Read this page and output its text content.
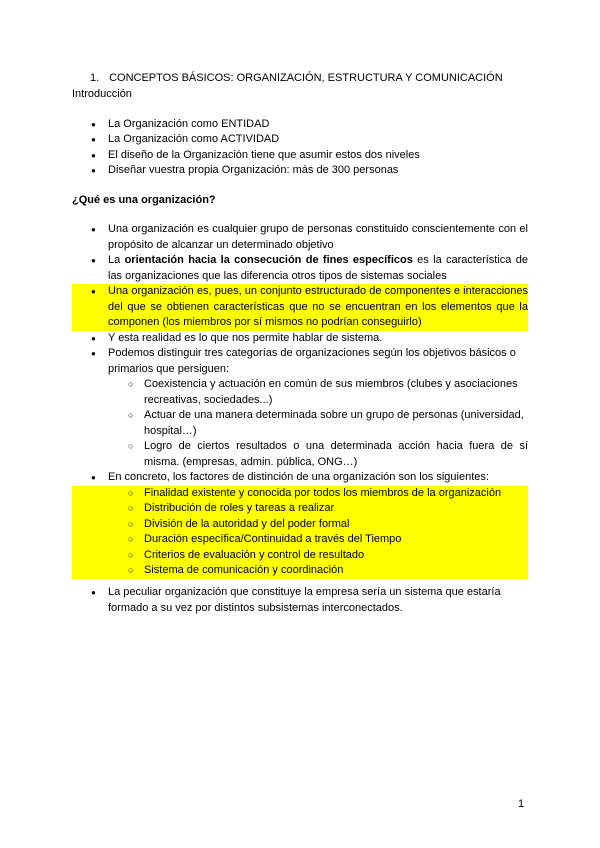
1. CONCEPTOS BÁSICOS: ORGANIZACIÓN, ESTRUCTURA Y COMUNICACIÓN
Introducción
● La Organización como ENTIDAD
● La Organización como ACTIVIDAD
● El diseño de la Organización tiene que asumir estos dos niveles
● Diseñar vuestra propia Organización: más de 300 personas
¿Qué es una organización?
● Una organización es cualquier grupo de personas constituido conscientemente con el propósito de alcanzar un determinado objetivo
● La orientación hacia la consecución de fines específicos es la característica de las organizaciones que las diferencia otros tipos de sistemas sociales
● Una organización es, pues, un conjunto estructurado de componentes e interacciones del que se obtienen características que no se encuentran en los elementos que la componen (los miembros por sí mismos no podrían conseguirlo)
● Y esta realidad es lo que nos permite hablar de sistema.
● Podemos distinguir tres categorías de organizaciones según los objetivos básicos o primarios que persiguen:
○ Coexistencia y actuación en común de sus miembros (clubes y asociaciones recreativas, sociedades...)
○ Actuar de una manera determinada sobre un grupo de personas (universidad, hospital…)
○ Logro de ciertos resultados o una determinada acción hacia fuera de sí misma. (empresas, admin. pública, ONG…)
● En concreto, los factores de distinción de una organización son los siguientes:
○ Finalidad existente y conocida por todos los miembros de la organización
○ Distribución de roles y tareas a realizar
○ División de la autoridad y del poder formal
○ Duración específica/Continuidad a través del Tiempo
○ Criterios de evaluación y control de resultado
○ Sistema de comunicación y coordinación
● La peculiar organización que constituye la empresa sería un sistema que estaría formado a su vez por distintos subsistemas interconectados.
1
